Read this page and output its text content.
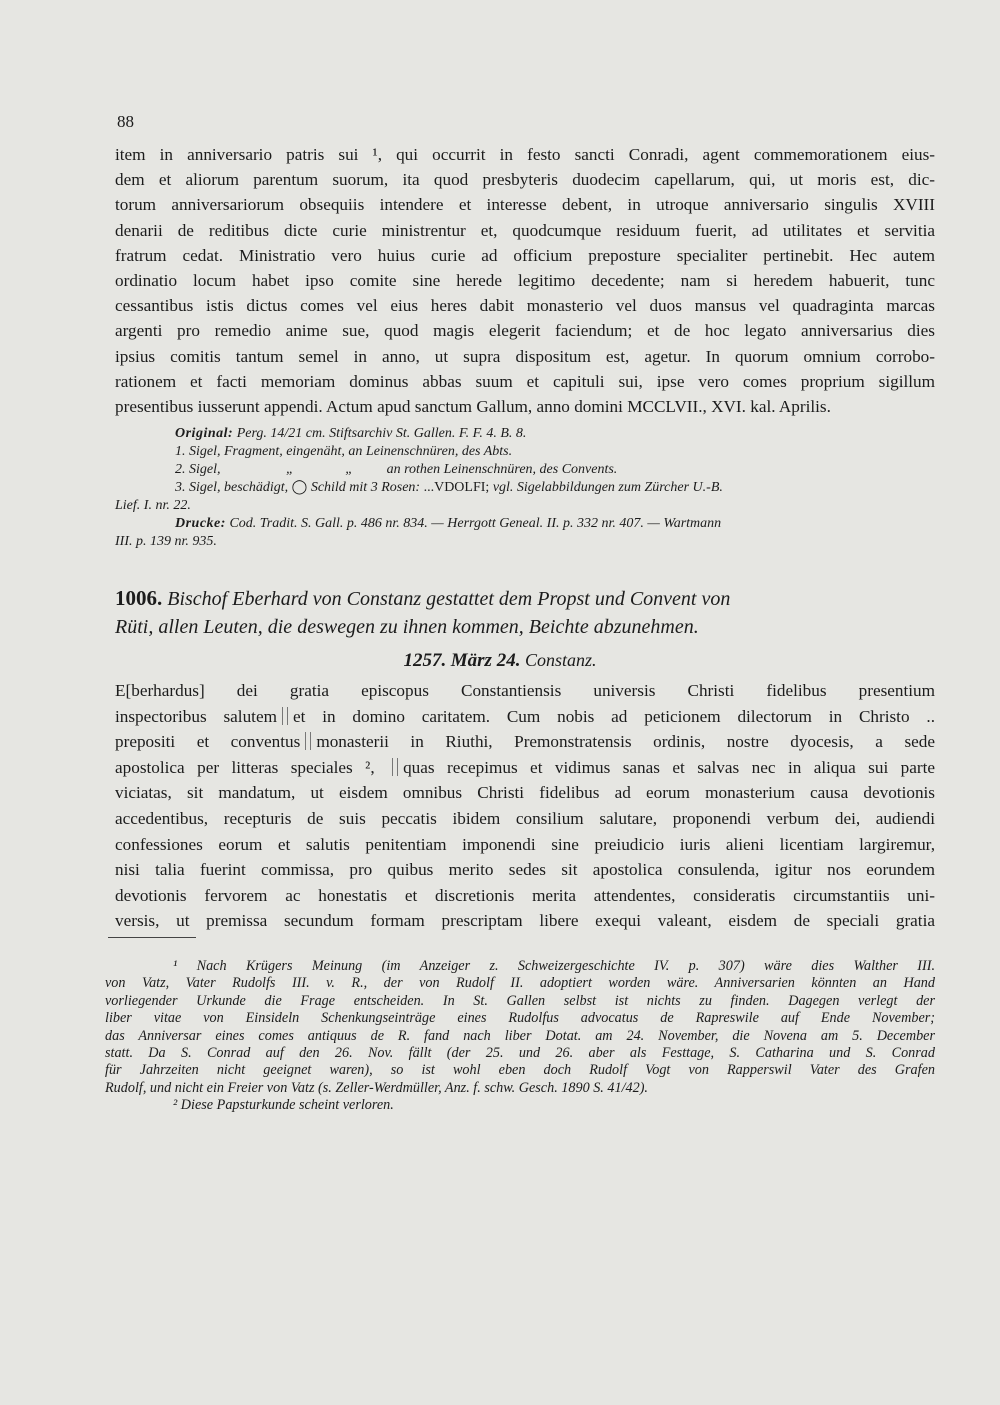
88
item in anniversario patris sui ¹, qui occurrit in festo sancti Conradi, agent commemorationem eius-
dem et aliorum parentum suorum, ita quod presbyteris duodecim capellarum, qui, ut moris est, dic-
torum anniversariorum obsequiis intendere et interesse debent, in utroque anniversario singulis XVIII
denarii de reditibus dicte curie ministrentur et, quodcumque residuum fuerit, ad utilitates et servitia
fratrum cedat. Ministratio vero huius curie ad officium preposture specialiter pertinebit. Hec autem
ordinatio locum habet ipso comite sine herede legitimo decedente; nam si heredem habuerit, tunc
cessantibus istis dictus comes vel eius heres dabit monasterio vel duos mansus vel quadraginta marcas
argenti pro remedio anime sue, quod magis elegerit faciendum; et de hoc legato anniversarius dies
ipsius comitis tantum semel in anno, ut supra dispositum est, agetur. In quorum omnium corrobo-
rationem et facti memoriam dominus abbas suum et capituli sui, ipse vero comes proprium sigillum
presentibus iusserunt appendi. Actum apud sanctum Gallum, anno domini MCCLVII., XVI. kal. Aprilis.
Original: Perg. 14/21 cm. Stiftsarchiv St. Gallen. F. F. 4. B. 8.
1. Sigel, Fragment, eingenäht, an Leinenschnüren, des Abts.
2. Sigel,	„	„ an rothen Leinenschnüren, des Convents.
3. Sigel, beschädigt, ◯ Schild mit 3 Rosen: ...VDOLFI; vgl. Sigelabbildungen zum Zürcher U.-B.
Lief. I. nr. 22.
Drucke: Cod. Tradit. S. Gall. p. 486 nr. 834. — Herrgott Geneal. II. p. 332 nr. 407. — Wartmann
III. p. 139 nr. 935.
1006. Bischof Eberhard von Constanz gestattet dem Propst und Convent von
Rüti, allen Leuten, die deswegen zu ihnen kommen, Beichte abzunehmen.
1257. März 24. Constanz.
E[berhardus] dei gratia episcopus Constantiensis universis Christi fidelibus presentium
inspectoribus salutem et in domino caritatem. Cum nobis ad peticionem dilectorum in Christo ..
prepositi et conventus monasterii in Riuthi, Premonstratensis ordinis, nostre dyocesis, a sede
apostolica per litteras speciales ², quas recepimus et vidimus sanas et salvas nec in aliqua sui parte
viciatas, sit mandatum, ut eisdem omnibus Christi fidelibus ad eorum monasterium causa devotionis
accedentibus, recepturis de suis peccatis ibidem consilium salutare, proponendi verbum dei, audiendi
confessiones eorum et salutis penitentiam imponendi sine preiudicio iuris alieni licentiam largiremur,
nisi talia fuerint commissa, pro quibus merito sedes sit apostolica consulenda, igitur nos eorundem
devotionis fervorem ac honestatis et discretionis merita attendentes, consideratis circumstantiis uni-
versis, ut premissa secundum formam prescriptam libere exequi valeant, eisdem de speciali gratia
¹ Nach Krügers Meinung (im Anzeiger z. Schweizergeschichte IV. p. 307) wäre dies Walther III.
von Vatz, Vater Rudolfs III. v. R., der von Rudolf II. adoptiert worden wäre. Anniversarien könnten an Hand
vorliegender Urkunde die Frage entscheiden. In St. Gallen selbst ist nichts zu finden. Dagegen verlegt der
liber vitae von Einsideln Schenkungseinträge eines Rudolfus advocatus de Rapreswile auf Ende November;
das Anniversar eines comes antiquus de R. fand nach liber Dotat. am 24. November, die Novena am 5. December
statt. Da S. Conrad auf den 26. Nov. fällt (der 25. und 26. aber als Festtage, S. Catharina und S. Conrad
für Jahrzeiten nicht geeignet waren), so ist wohl eben doch Rudolf Vogt von Rapperswil Vater des Grafen
Rudolf, und nicht ein Freier von Vatz (s. Zeller-Werdmüller, Anz. f. schw. Gesch. 1890 S. 41/42).
² Diese Papsturkunde scheint verloren.
